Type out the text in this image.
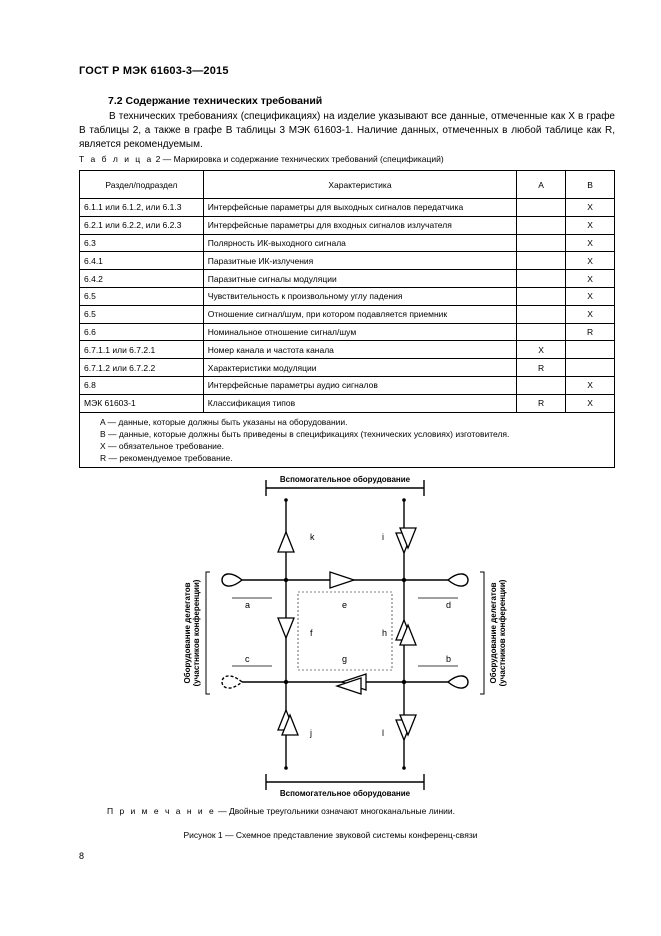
ГОСТ Р МЭК 61603-3—2015
7.2 Содержание технических требований
В технических требованиях (спецификациях) на изделие указывают все данные, отмеченные как X в графе В таблицы 2, а также в графе В таблицы 3 МЭК 61603-1. Наличие данных, отмеченных в любой таблице как R, является рекомендуемым.
Т а б л и ц а 2 — Маркировка и содержание технических требований (спецификаций)
Раздел/подраздел	Характеристика	A	B
6.1.1 или 6.1.2, или 6.1.3	Интерфейсные параметры для выходных сигналов передатчика		X
6.2.1 или 6.2.2, или 6.2.3	Интерфейсные параметры для входных сигналов излучателя		X
6.3	Полярность ИК-выходного сигнала		X
6.4.1	Паразитные ИК-излучения		X
6.4.2	Паразитные сигналы модуляции		X
6.5	Чувствительность к произвольному углу падения		X
6.5	Отношение сигнал/шум, при котором подавляется приемник		X
6.6	Номинальное отношение сигнал/шум		R
6.7.1.1 или 6.7.2.1	Номер канала и частота канала	X	
6.7.1.2 или 6.7.2.2	Характеристики модуляции	R	
6.8	Интерфейсные параметры аудио сигналов		X
МЭК 61603-1	Классификация типов	R	X

A — данные, которые должны быть указаны на оборудовании.
B — данные, которые должны быть приведены в спецификациях (технических условиях) изготовителя.
X — обязательное требование.
R — рекомендуемое требование.			
Вспомогательное оборудование
Вспомогательное оборудование
k	i
a	e	d
f	h
c	g	b
j	l
Оборудование делегатов (участников конференции)	Оборудование делегатов (участников конференции)
П р и м е ч а н и е — Двойные треугольники означают многоканальные линии.
Рисунок 1 — Схемное представление звуковой системы конференц-связи
8
